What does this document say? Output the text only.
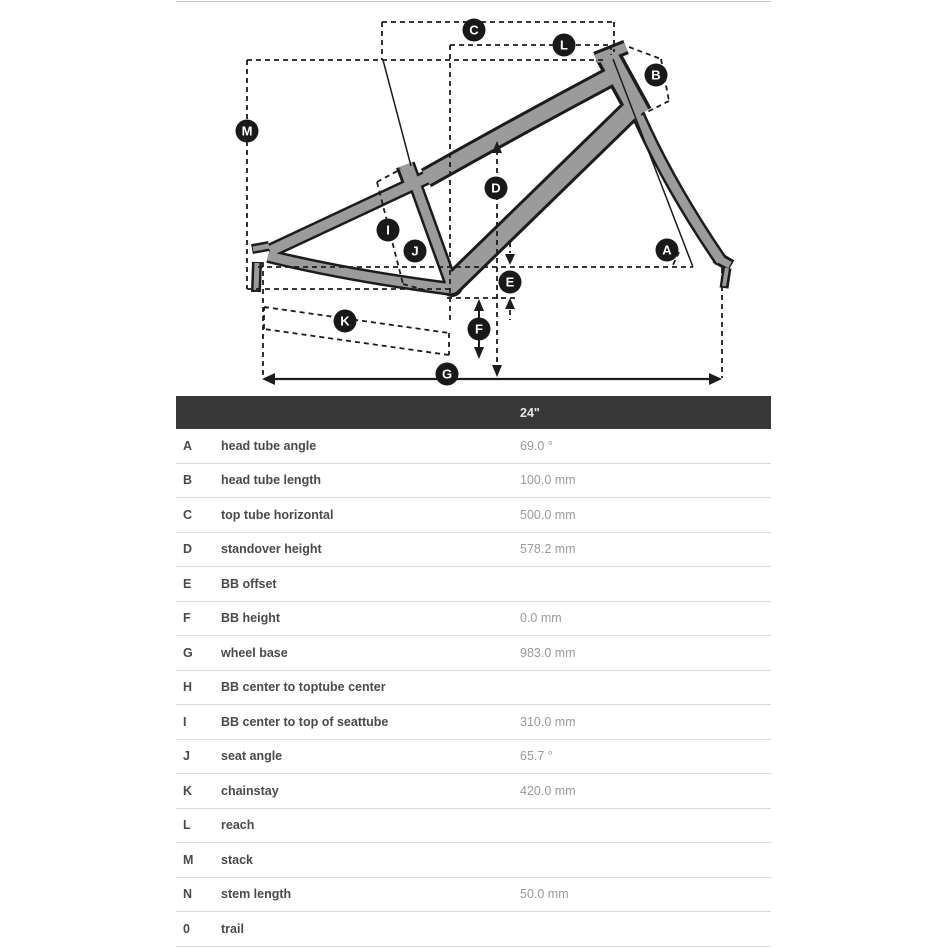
C
L
B
M
D
I
J	A
E
K
F
G
24"
A head tube angle	69.0 °
B head tube length	100.0 mm
C top tube horizontal	500.0 mm
D standover height	578.2 mm
E BB offset
F BB height	0.0 mm
G wheel base	983.0 mm
H BB center to toptube center
I	BB center to top of seattube	310.0 mm
J seat angle	65.7 °
K chainstay	420.0 mm
L reach
M stack
N stem length	50.0 mm
0 trail
